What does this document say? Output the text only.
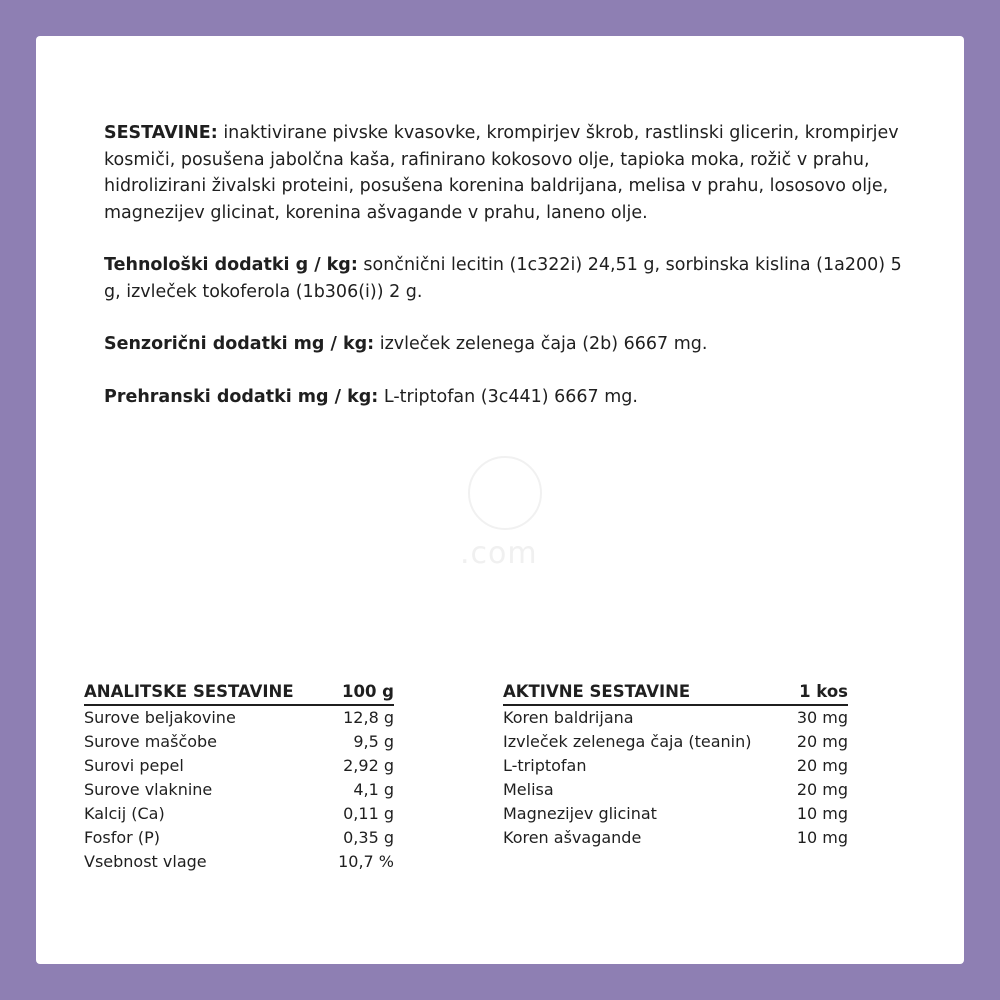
SESTAVINE: inaktivirane pivske kvasovke, krompirjev škrob, rastlinski glicerin, krompirjev kosmiči, posušena jabolčna kaša, rafinirano kokosovo olje, tapioka moka, rožič v prahu, hidrolizirani živalski proteini, posušena korenina baldrijana, melisa v prahu, lososovo olje, magnezijev glicinat, korenina ašvagande v prahu, laneno olje.

Tehnološki dodatki g / kg: sončnični lecitin (1c322i) 24,51 g, sorbinska kislina (1a200) 5 g, izvleček tokoferola (1b306(i)) 2 g.

Senzorični dodatki mg / kg: izvleček zelenega čaja (2b) 6667 mg.

Prehranski dodatki mg / kg: L-triptofan (3c441) 6667 mg.

.com
ANALITSKE SESTAVINE	100 g
Surove beljakovine	12,8 g
Surove maščobe	9,5 g
Surovi pepel	2,92 g
Surove vlaknine	4,1 g
Kalcij (Ca)	0,11 g
Fosfor (P)	0,35 g
Vsebnost vlage	10,7 %
AKTIVNE SESTAVINE	1 kos
Koren baldrijana	30 mg
Izvleček zelenega čaja (teanin)	20 mg
L-triptofan	20 mg
Melisa	20 mg
Magnezijev glicinat	10 mg
Koren ašvagande	10 mg
